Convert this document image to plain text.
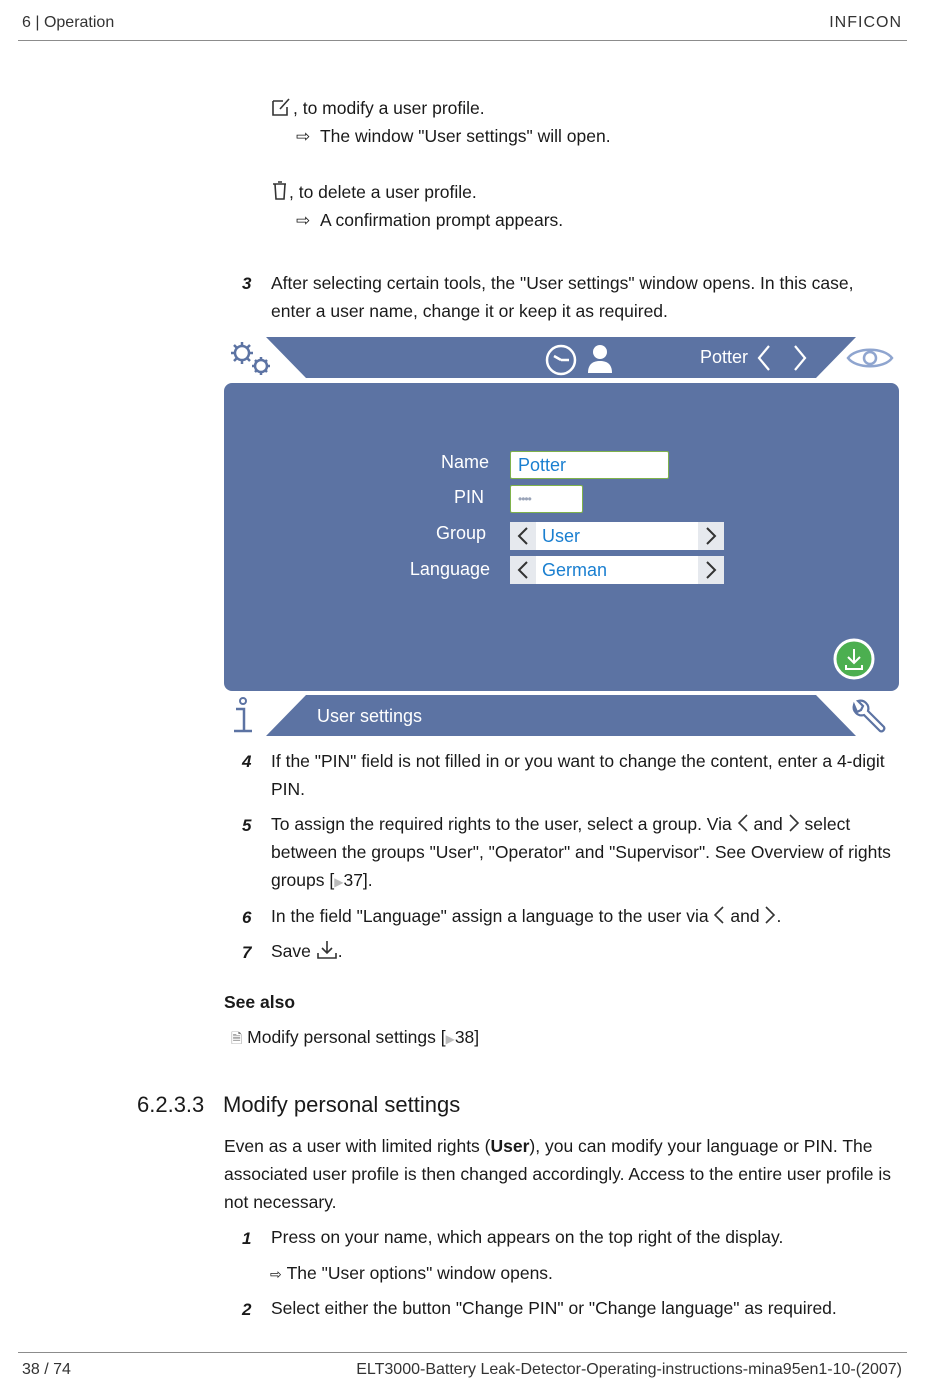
6 | Operation	INFICON
, to modify a user profile.
⇨ The window "User settings" will open.
, to delete a user profile.
⇨ A confirmation prompt appears.
3 After selecting certain tools, the "User settings" window opens. In this case,
enter a user name, change it or keep it as required.
Potter
Name	Potter
PIN	••••
Group	User
Language	German
User settings
4 If the "PIN" field is not filled in or you want to change the content, enter a 4-digit
PIN.
5 To assign the required rights to the user, select a group. Via and select
between the groups "User", "Operator" and "Supervisor". See Overview of rights
groups [▶37].
6 In the field "Language" assign a language to the user via and .
7 Save .
See also
🗎 Modify personal settings [▶38]
6.2.3.3 Modify personal settings
Even as a user with limited rights (User), you can modify your language or PIN. The
associated user profile is then changed accordingly. Access to the entire user profile is
not necessary.
1 Press on your name, which appears on the top right of the display.
⇨ The "User options" window opens.
2 Select either the button "Change PIN" or "Change language" as required.
38 / 74	ELT3000-Battery Leak-Detector-Operating-instructions-mina95en1-10-(2007)
